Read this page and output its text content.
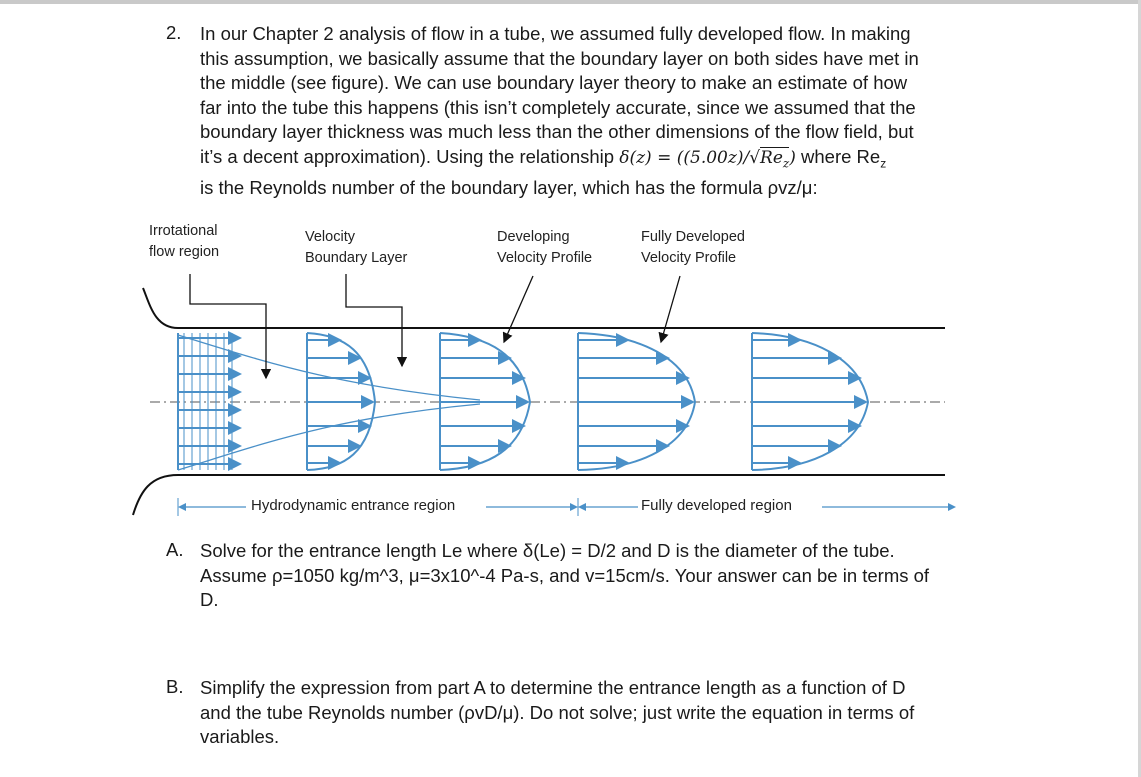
2. In our Chapter 2 analysis of flow in a tube, we assumed fully developed flow. In making
this assumption, we basically assume that the boundary layer on both sides have met in
the middle (see figure). We can use boundary layer theory to make an estimate of how
far into the tube this happens (this isn’t completely accurate, since we assumed that the
boundary layer thickness was much less than the other dimensions of the flow field, but
it’s a decent approximation). Using the relationship $\delta(z) = ((5.00z)/√Re_z)$ where $Re_z$
is the Reynolds number of the boundary layer, which has the formula ρvz/μ:
Irrotational
flow region
Velocity
Boundary Layer
Developing
Velocity Profile
Fully Developed
Velocity Profile
Hydrodynamic entrance region	Fully developed region
A. Solve for the entrance length Le where δ(Le) = D/2 and D is the diameter of the tube.
Assume ρ=1050 kg/m^3, μ=3x10^-4 Pa-s, and v=15cm/s. Your answer can be in terms of
D.
B. Simplify the expression from part A to determine the entrance length as a function of D
and the tube Reynolds number (ρvD/μ). Do not solve; just write the equation in terms of
variables.
